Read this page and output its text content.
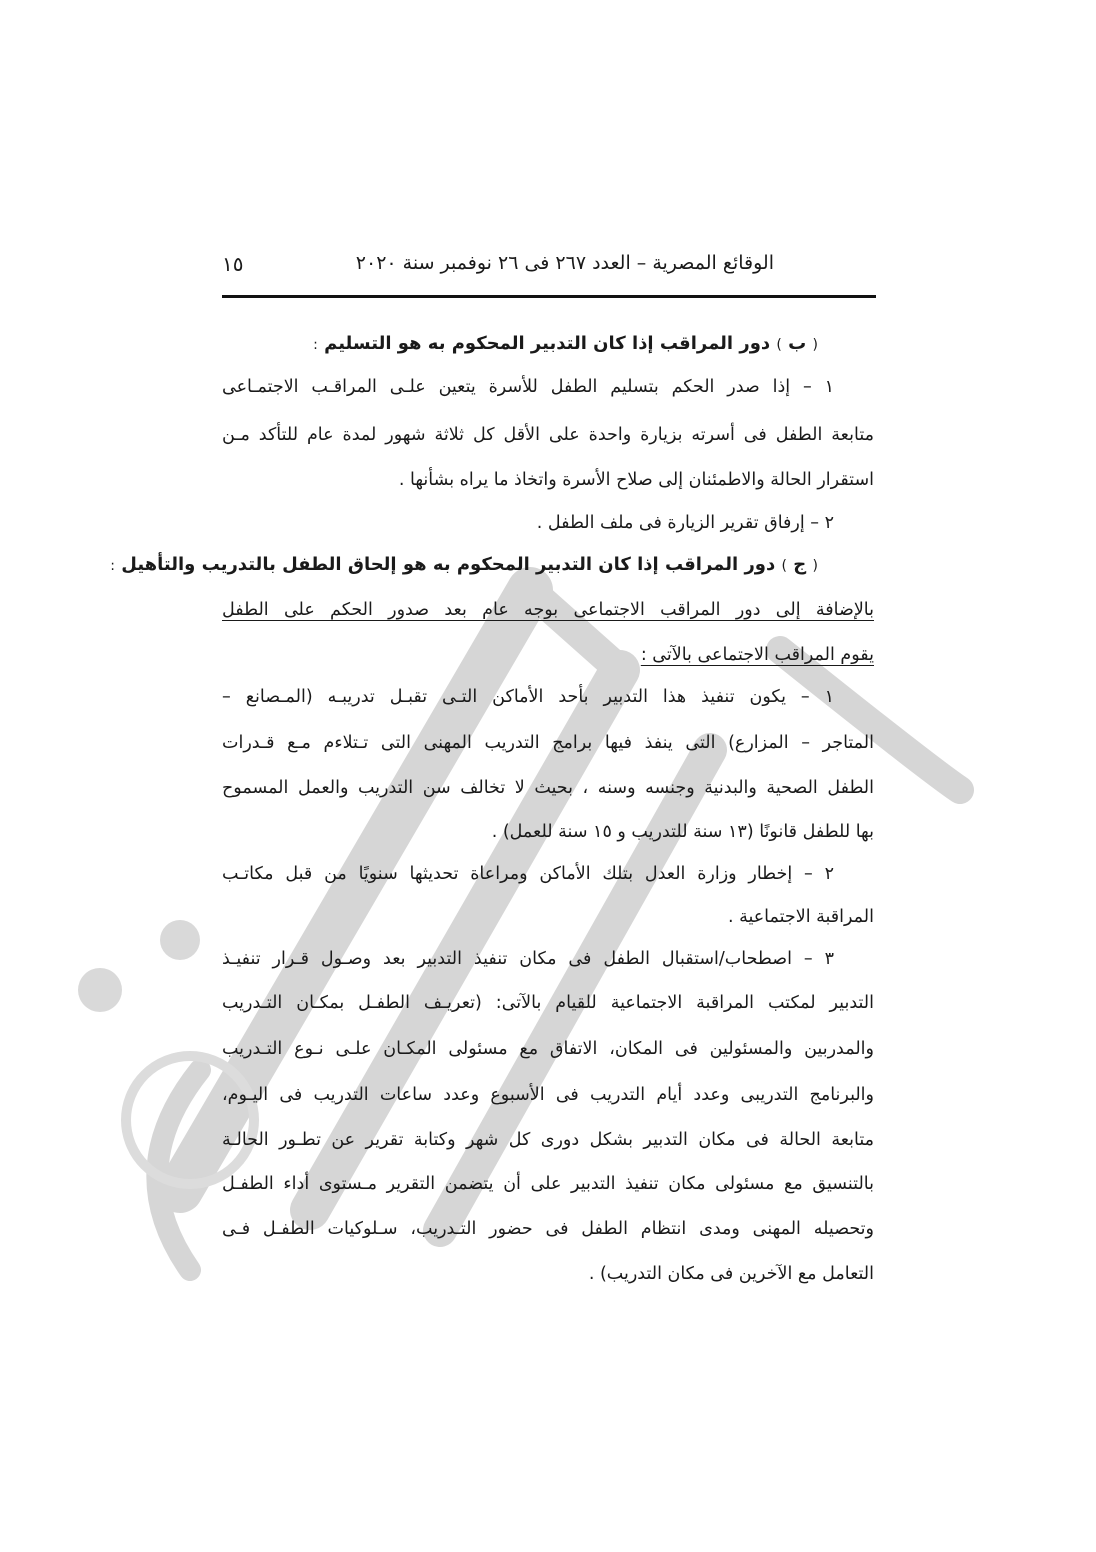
الوقائع المصرية – العدد ٢٦٧ فى ٢٦ نوفمبر سنة ٢٠٢٠
١٥
( ب ) دور المراقب إذا كان التدبير المحكوم به هو التسليم :
١ – إذا صدر الحكم بتسليم الطفل للأسرة يتعين علـى المراقـب الاجتمـاعى
متابعة الطفل فى أسرته بزيارة واحدة على الأقل كل ثلاثة شهور لمدة عام للتأكد مـن
استقرار الحالة والاطمئنان إلى صلاح الأسرة واتخاذ ما يراه بشأنها .
٢ – إرفاق تقرير الزيارة فى ملف الطفل .
( ج ) دور المراقب إذا كان التدبير المحكوم به هو إلحاق الطفل بالتدريب والتأهيل :
بالإضافة إلى دور المراقب الاجتماعى بوجه عام بعد صدور الحكم على الطفل
يقوم المراقب الاجتماعى بالآتى :
١ – يكون تنفيذ هذا التدبير بأحد الأماكن التـى تقبـل تدريبـه (المـصانع –
المتاجر – المزارع) التى ينفذ فيها برامج التدريب المهنى التى تـتلاءم مـع قـدرات
الطفل الصحية والبدنية وجنسه وسنه ، بحيث لا تخالف سن التدريب والعمل المسموح
بها للطفل قانونًا (١٣ سنة للتدريب و ١٥ سنة للعمل) .
٢ – إخطار وزارة العدل بتلك الأماكن ومراعاة تحديثها سنويًا من قبل مكاتـب
المراقبة الاجتماعية .
٣ – اصطحاب/استقبال الطفل فى مكان تنفيذ التدبير بعد وصـول قـرار تنفيـذ
التدبير لمكتب المراقبة الاجتماعية للقيام بالآتى: (تعريـف الطفـل بمكـان التـدريب
والمدربين والمسئولين فى المكان، الاتفاق مع مسئولى المكـان علـى نـوع التـدريب
والبرنامج التدريبى وعدد أيام التدريب فى الأسبوع وعدد ساعات التدريب فى اليـوم،
متابعة الحالة فى مكان التدبير بشكل دورى كل شهر وكتابة تقرير عن تطـور الحالـة
بالتنسيق مع مسئولى مكان تنفيذ التدبير على أن يتضمن التقرير مـستوى أداء الطفـل
وتحصيله المهنى ومدى انتظام الطفل فى حضور التـدريب، سـلوكيات الطفـل فـى
التعامل مع الآخرين فى مكان التدريب) .
